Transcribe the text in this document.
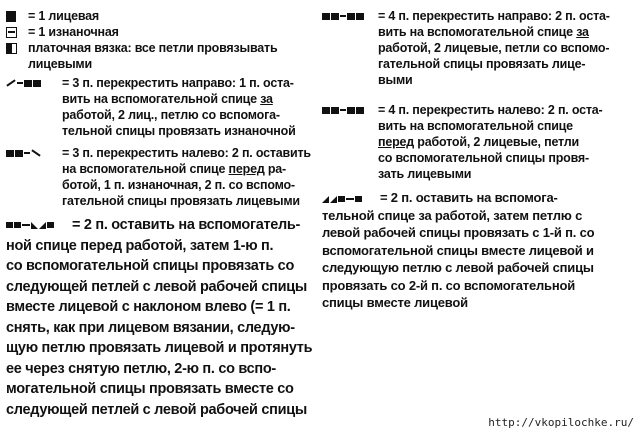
= 1 лицевая

= 1 изнаночная

платочная вязка: все петли провязывать
лицевыми

= 3 п. перекрестить направо: 1 п. оста-
вить на вспомогательной спице за
работой, 2 лиц., петлю со вспомога-
тельной спицы провязать изнаночной

= 3 п. перекрестить налево: 2 п. оставить
на вспомогательной спице перед ра-
ботой, 1 п. изнаночная, 2 п. со вспомо-
гательной спицы провязать лицевыми

= 2 п. оставить на вспомогатель-
ной спице перед работой, затем 1-ю п.
со вспомогательной спицы провязать со
следующей петлей с левой рабочей спицы
вместе лицевой с наклоном влево (= 1 п.
снять, как при лицевом вязании, следую-
щую петлю провязать лицевой и протянуть
ее через снятую петлю, 2-ю п. со вспо-
могательной спицы провязать вместе со
следующей петлей с левой рабочей спицы

= 4 п. перекрестить направо: 2 п. оста-
вить на вспомогательной спице за
работой, 2 лицевые, петли со вспомо-
гательной спицы провязать лице-
выми

= 4 п. перекрестить налево: 2 п. оста-
вить на вспомогательной спице
перед работой, 2 лицевые, петли
со вспомогательной спицы провя-
зать лицевыми

= 2 п. оставить на вспомога-
тельной спице за работой, затем петлю с
левой рабочей спицы провязать с 1-й п. со
вспомогательной спицы вместе лицевой и
следующую петлю с левой рабочей спицы
провязать со 2-й п. со вспомогательной
спицы вместе лицевой

http://vkopilochke.ru/
